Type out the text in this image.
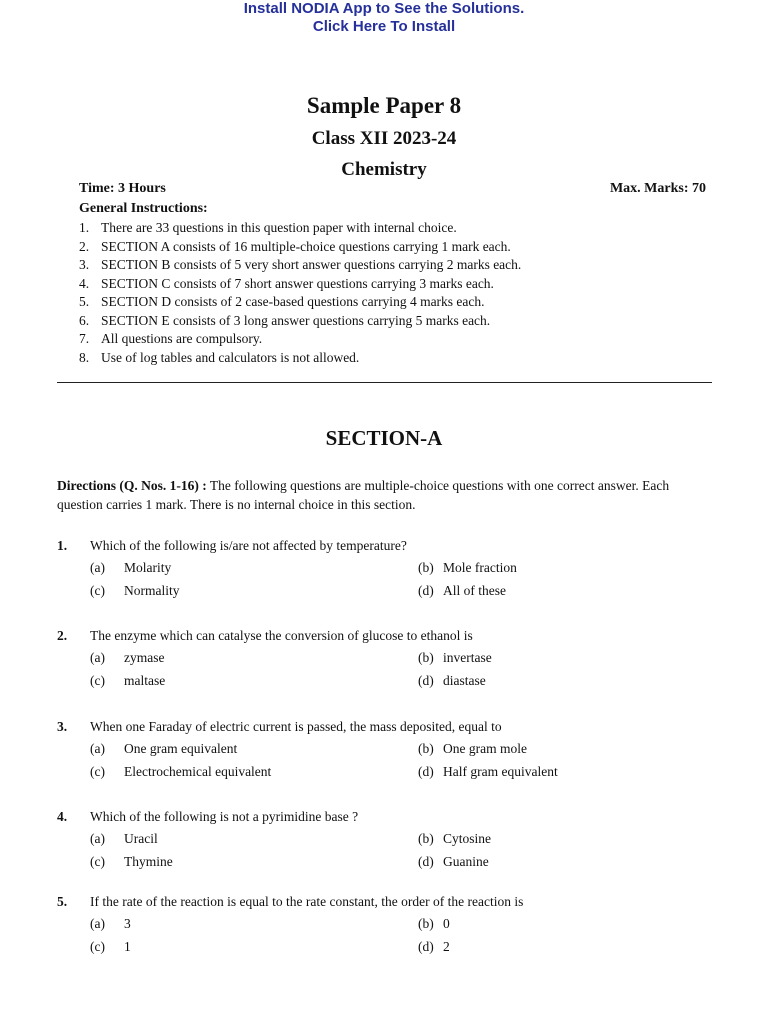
Sample Paper 8
Class XII 2023-24
Chemistry
Time: 3 Hours	Max. Marks: 70
General Instructions:
1. There are 33 questions in this question paper with internal choice.
2. SECTION A consists of 16 multiple-choice questions carrying 1 mark each.
3. SECTION B consists of 5 very short answer questions carrying 2 marks each.
4. SECTION C consists of 7 short answer questions carrying 3 marks each.
5. SECTION D consists of 2 case-based questions carrying 4 marks each.
6. SECTION E consists of 3 long answer questions carrying 5 marks each.
7. All questions are compulsory.
8. Use of log tables and calculators is not allowed.
SECTION-A
Directions (Q. Nos. 1-16) : The following questions are multiple-choice questions with one correct answer. Each question carries 1 mark. There is no internal choice in this section.
1. Which of the following is/are not affected by temperature?
(a) Molarity	(b) Mole fraction
(c) Normality	(d) All of these
2. The enzyme which can catalyse the conversion of glucose to ethanol is
(a) zymase	(b) invertase
(c) maltase	(d) diastase
3. When one Faraday of electric current is passed, the mass deposited, equal to
(a) One gram equivalent	(b) One gram mole
(c) Electrochemical equivalent	(d) Half gram equivalent
4. Which of the following is not a pyrimidine base ?
(a) Uracil	(b) Cytosine
(c) Thymine	(d) Guanine
5. If the rate of the reaction is equal to the rate constant, the order of the reaction is
(a) 3	(b) 0
(c) 1	(d) 2
Install NODIA App to See the Solutions.
Click Here To Install
